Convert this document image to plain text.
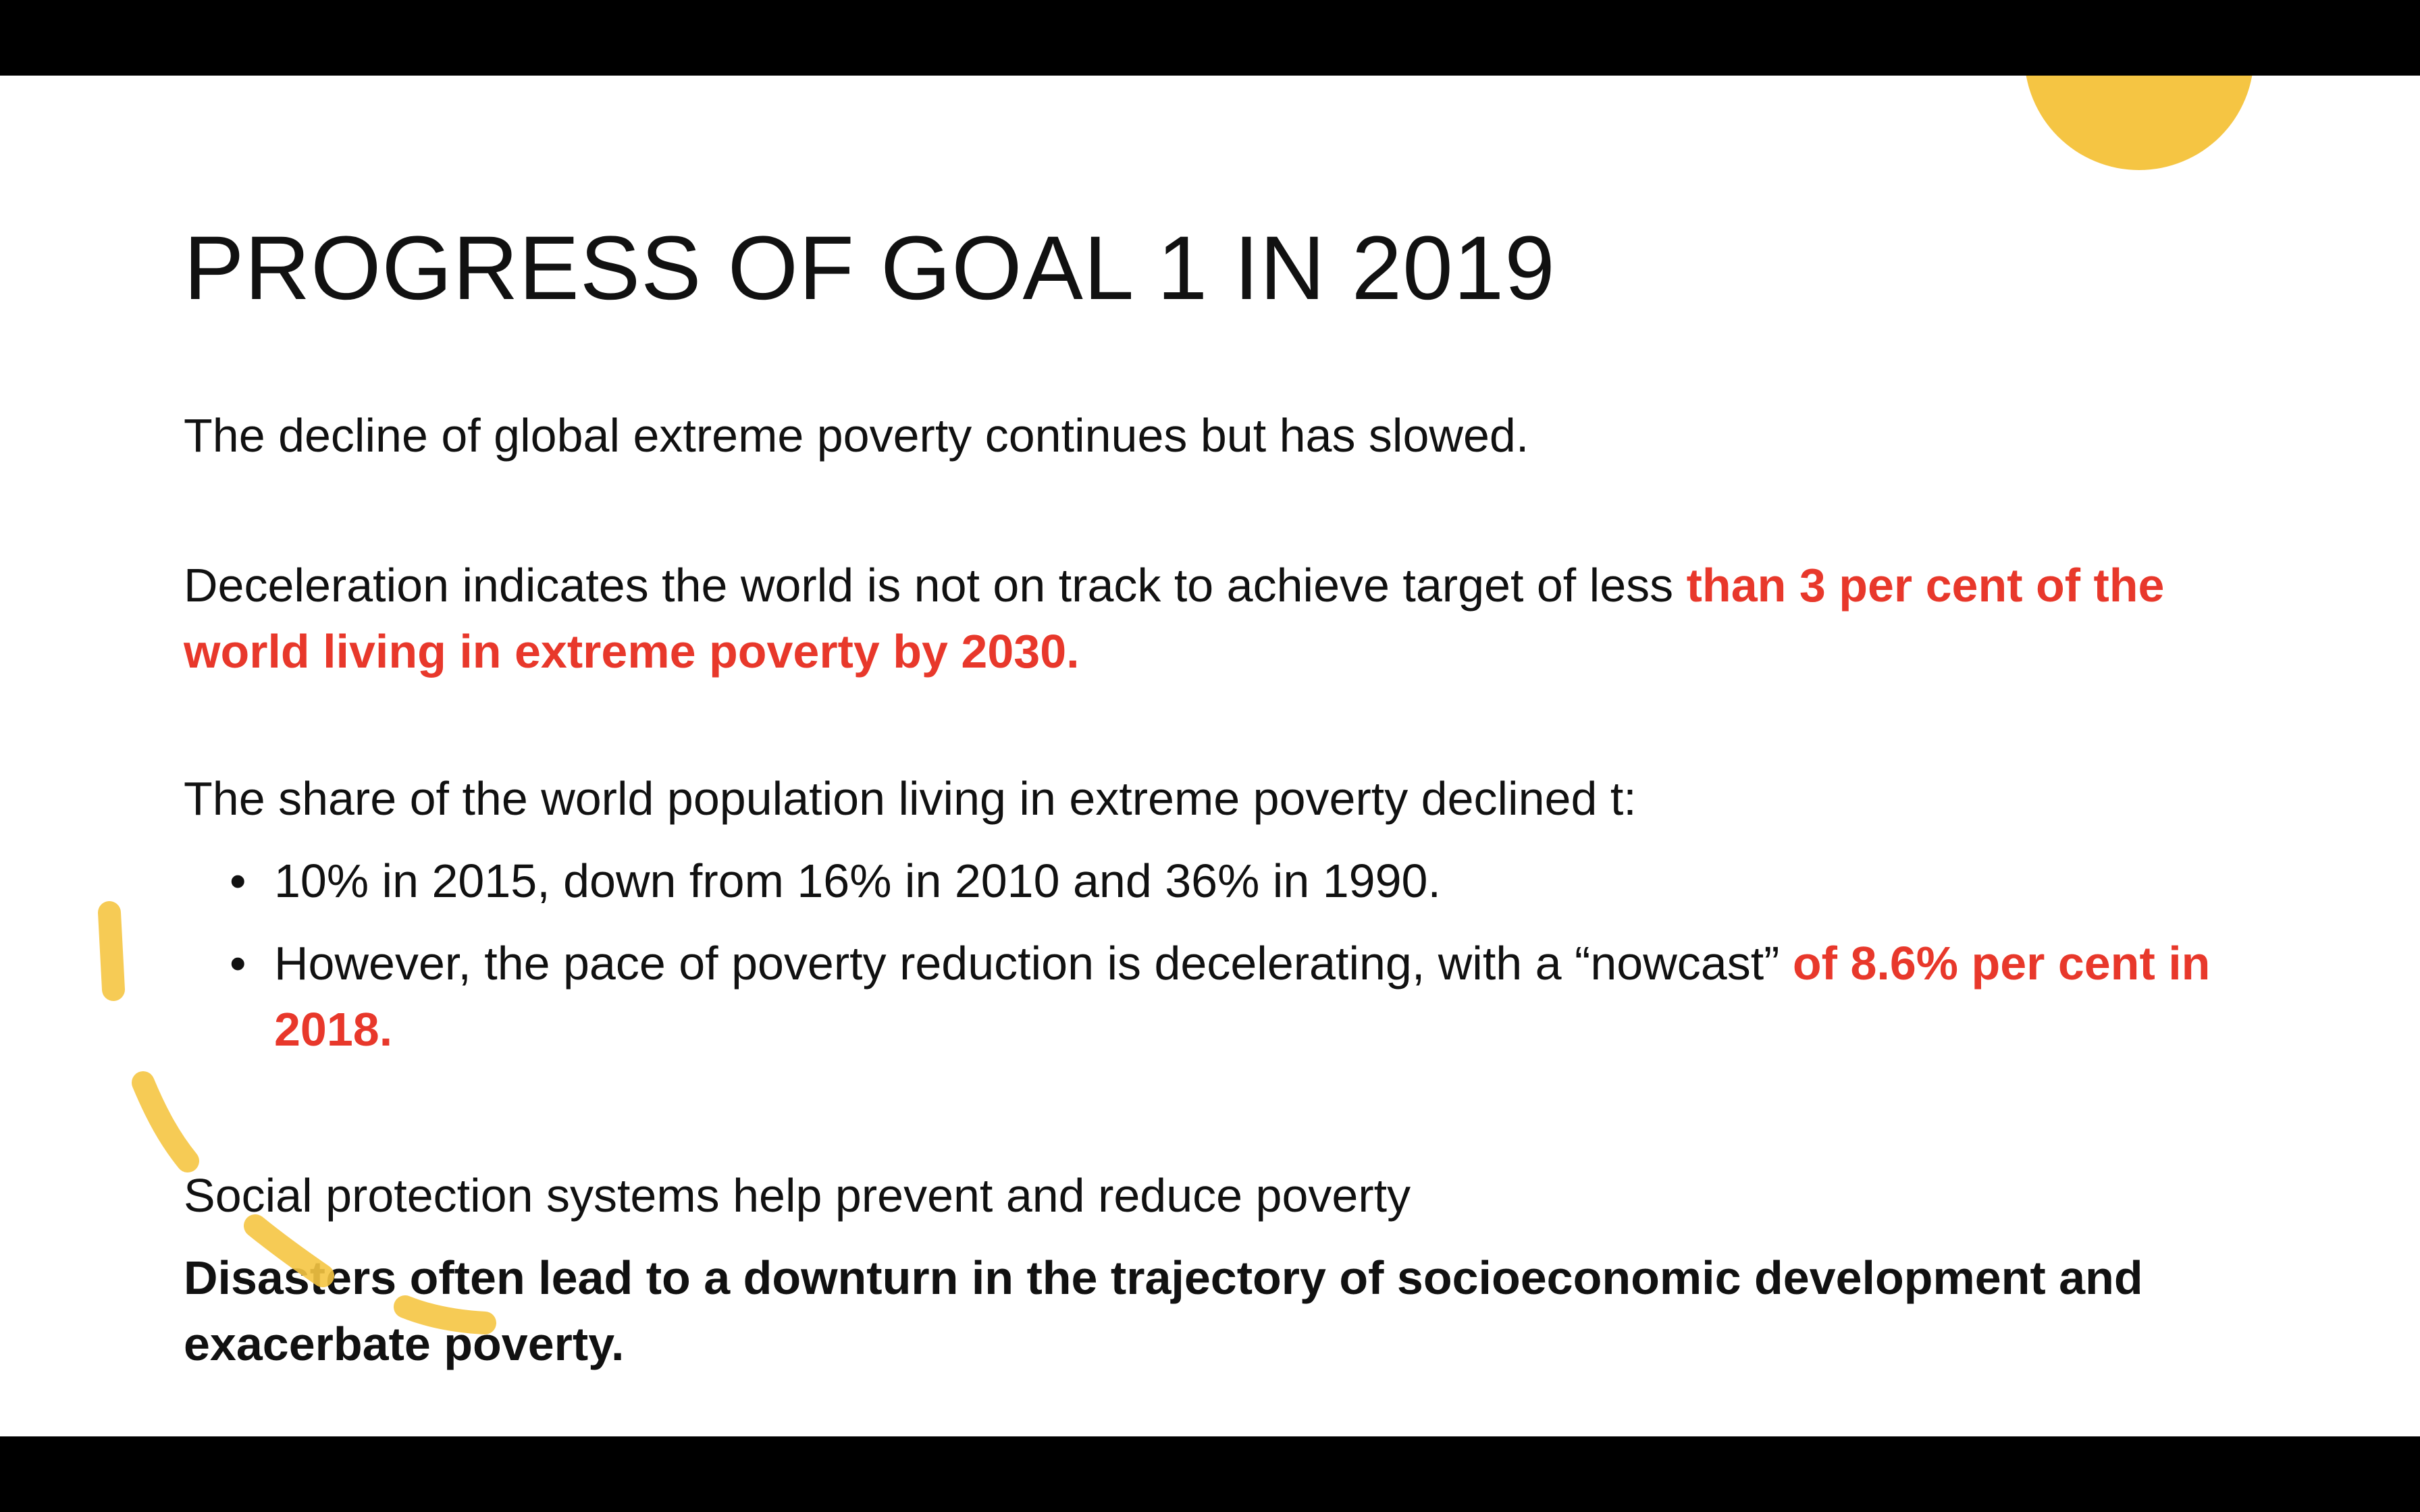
PROGRESS OF GOAL 1 IN 2019

The decline of global extreme poverty continues but has slowed.

Deceleration indicates the world is not on track to achieve target of less than 3 per cent of the world living in extreme poverty by 2030.

The share of the world population living in extreme poverty declined t:

• 10% in 2015, down from 16% in 2010 and 36% in 1990.
• However, the pace of poverty reduction is decelerating, with a “nowcast” of 8.6% per cent in 2018.

Social protection systems help prevent and reduce poverty

Disasters often lead to a downturn in the trajectory of socioeconomic development and exacerbate poverty.
